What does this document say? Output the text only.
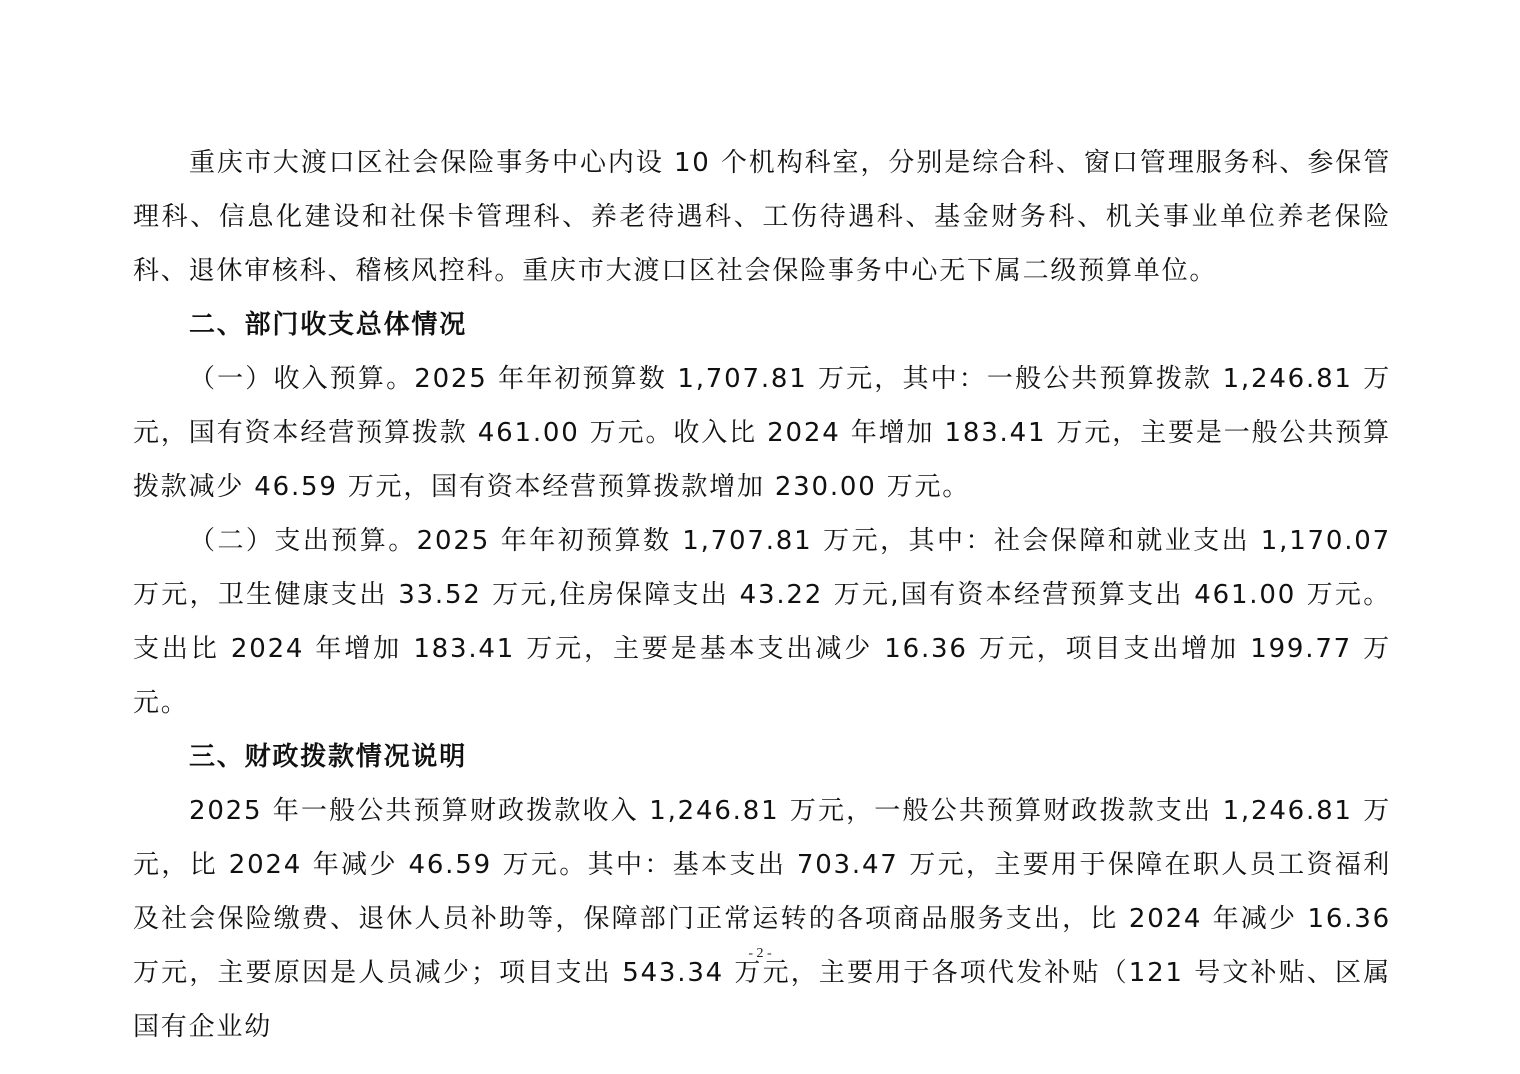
重庆市大渡口区社会保险事务中心内设 10 个机构科室，分别是综合科、窗口管理服务科、参保管理科、信息化建设和社保卡管理科、养老待遇科、工伤待遇科、基金财务科、机关事业单位养老保险科、退休审核科、稽核风控科。重庆市大渡口区社会保险事务中心无下属二级预算单位。

二、部门收支总体情况

（一）收入预算。2025 年年初预算数 1,707.81 万元，其中：一般公共预算拨款 1,246.81 万元，国有资本经营预算拨款 461.00 万元。收入比 2024 年增加 183.41 万元，主要是一般公共预算拨款减少 46.59 万元，国有资本经营预算拨款增加 230.00 万元。

（二）支出预算。2025 年年初预算数 1,707.81 万元，其中：社会保障和就业支出 1,170.07 万元，卫生健康支出 33.52 万元,住房保障支出 43.22 万元,国有资本经营预算支出 461.00 万元。支出比 2024 年增加 183.41 万元，主要是基本支出减少 16.36 万元，项目支出增加 199.77 万元。

三、财政拨款情况说明

2025 年一般公共预算财政拨款收入 1,246.81 万元，一般公共预算财政拨款支出 1,246.81 万元，比 2024 年减少 46.59 万元。其中：基本支出 703.47 万元，主要用于保障在职人员工资福利及社会保险缴费、退休人员补助等，保障部门正常运转的各项商品服务支出，比 2024 年减少 16.36 万元，主要原因是人员减少；项目支出 543.34 万元，主要用于各项代发补贴（121 号文补贴、区属国有企业幼

- 2 -
